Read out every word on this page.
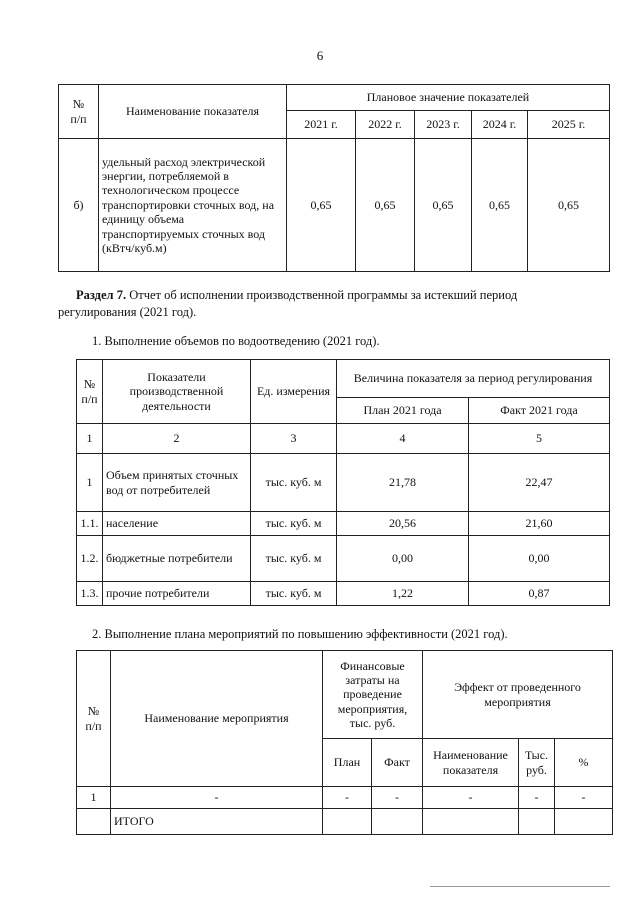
6
№
п/п	Наименование показателя	Плановое значение показателей				
		2021 г.	2022 г.	2023 г.	2024 г.	2025 г.
б)	удельный расход электрической энергии, потребляемой в технологическом процессе транспортировки сточных вод, на единицу объема транспортируемых сточных вод (кВтч/куб.м)	0,65	0,65	0,65	0,65	0,65
Раздел 7. Отчет об исполнении производственной программы за истекший период регулирования (2021 год).
1. Выполнение объемов по водоотведению (2021 год).
№
п/п	Показатели производственной деятельности	Ед. измерения	Величина показателя за период регулирования	
			План 2021 года	Факт 2021 года
1	2	3	4	5
1	Объем принятых сточных вод от потребителей	тыс. куб. м	21,78	22,47
1.1.	население	тыс. куб. м	20,56	21,60
1.2.	бюджетные потребители	тыс. куб. м	0,00	0,00
1.3.	прочие потребители	тыс. куб. м	1,22	0,87
2. Выполнение плана мероприятий по повышению эффективности (2021 год).
№
п/п	Наименование мероприятия	Финансовые затраты на проведение мероприятия, тыс. руб.		Эффект от проведенного мероприятия		
		План	Факт	Наименование показателя	Тыс. руб.	%
1	-	-	-	-	-	-
	ИТОГО					
